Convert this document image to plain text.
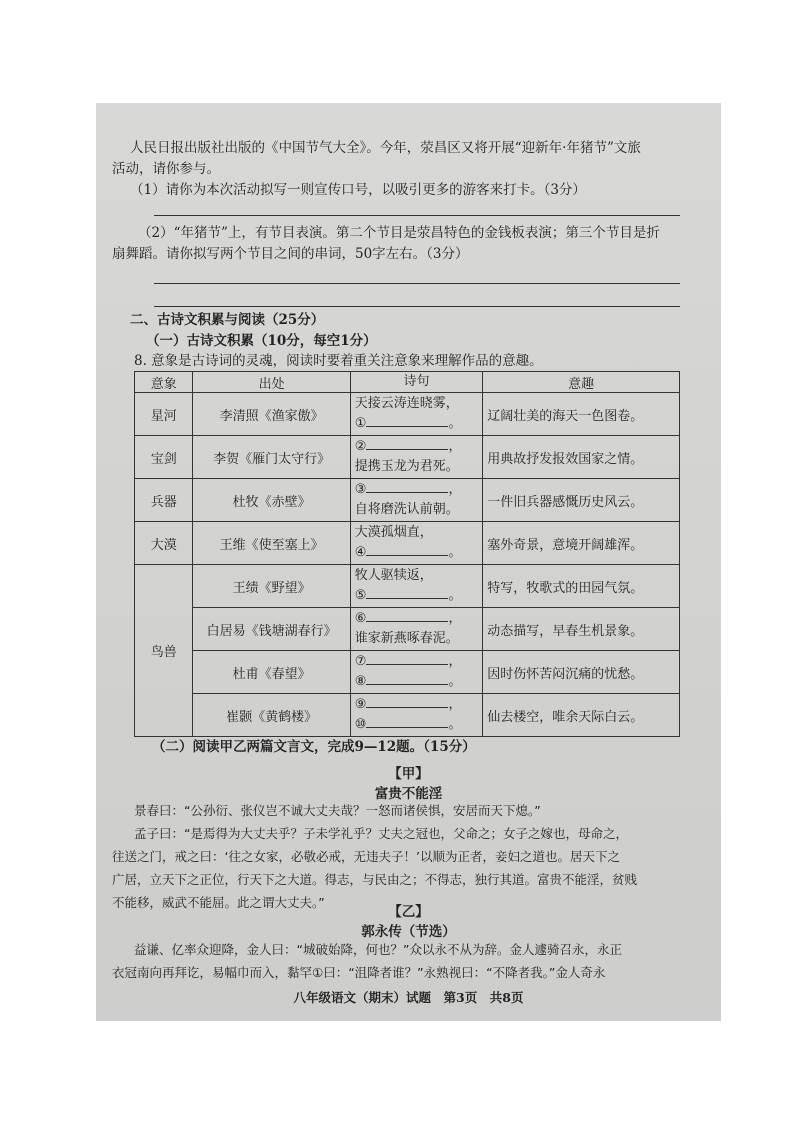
人民日报出版社出版的《中国节气大全》。今年，荥昌区又将开展“迎新年·年猪节”文旅
活动，请你参与。
（1）请你为本次活动拟写一则宣传口号，以吸引更多的游客来打卡。（3分）
（2）“年猪节”上，有节目表演。第二个节目是荥昌特色的金钱板表演；第三个节目是折
扇舞蹈。请你拟写两个节目之间的串词，50字左右。（3分）
二、古诗文积累与阅读（25分）
（一）古诗文积累（10分，每空1分）
8. 意象是古诗词的灵魂，阅读时要着重关注意象来理解作品的意趣。
意象	出处	诗句	意趣
星河	李清照《渔家傲》	天接云涛连晓雾，
① 。	辽阔壮美的海天一色图卷。
宝剑	李贺《雁门太守行》	② ，
提携玉龙为君死。	用典故抒发报效国家之情。
兵器	杜牧《赤壁》	③ ，
自将磨洗认前朝。	一件旧兵器感慨历史风云。
大漠	王维《使至塞上》	大漠孤烟直，
④ 。	塞外奇景，意境开阔雄浑。
鸟兽	王绩《野望》	牧人驱犊返，
⑤ 。	特写，牧歌式的田园气氛。
	白居易《钱塘湖春行》	⑥ ，
谁家新燕啄春泥。	动态描写，早春生机景象。
	杜甫《春望》	⑦ ，
⑧ 。	因时伤怀苦闷沉痛的忧愁。
	崔颢《黄鹤楼》	⑨ ，
⑩ 。	仙去楼空，唯余天际白云。
（二）阅读甲乙两篇文言文，完成9—12题。（15分）
【甲】
富贵不能淫
景春曰：“公孙衍、张仪岂不诚大丈夫哉？一怒而诸侯惧，安居而天下熄。”
孟子曰：“是焉得为大丈夫乎？子未学礼乎？丈夫之冠也，父命之；女子之嫁也，母命之，
往送之门，戒之曰：‘往之女家，必敬必戒，无违夫子！’以顺为正者，妾妇之道也。居天下之
广居，立天下之正位，行天下之大道。得志，与民由之；不得志，独行其道。富贵不能淫，贫贱
不能移，威武不能屈。此之谓大丈夫。”
【乙】
郭永传（节选）
益谦、亿率众迎降，金人曰：“城破始降，何也？”众以永不从为辞。金人遽骑召永，永正
衣冠南向再拜讫，易幅巾而入，黏罕①曰：“沮降者谁？”永熟视曰：“不降者我。”金人奇永
八年级语文（期末）试题　第3页　共8页
